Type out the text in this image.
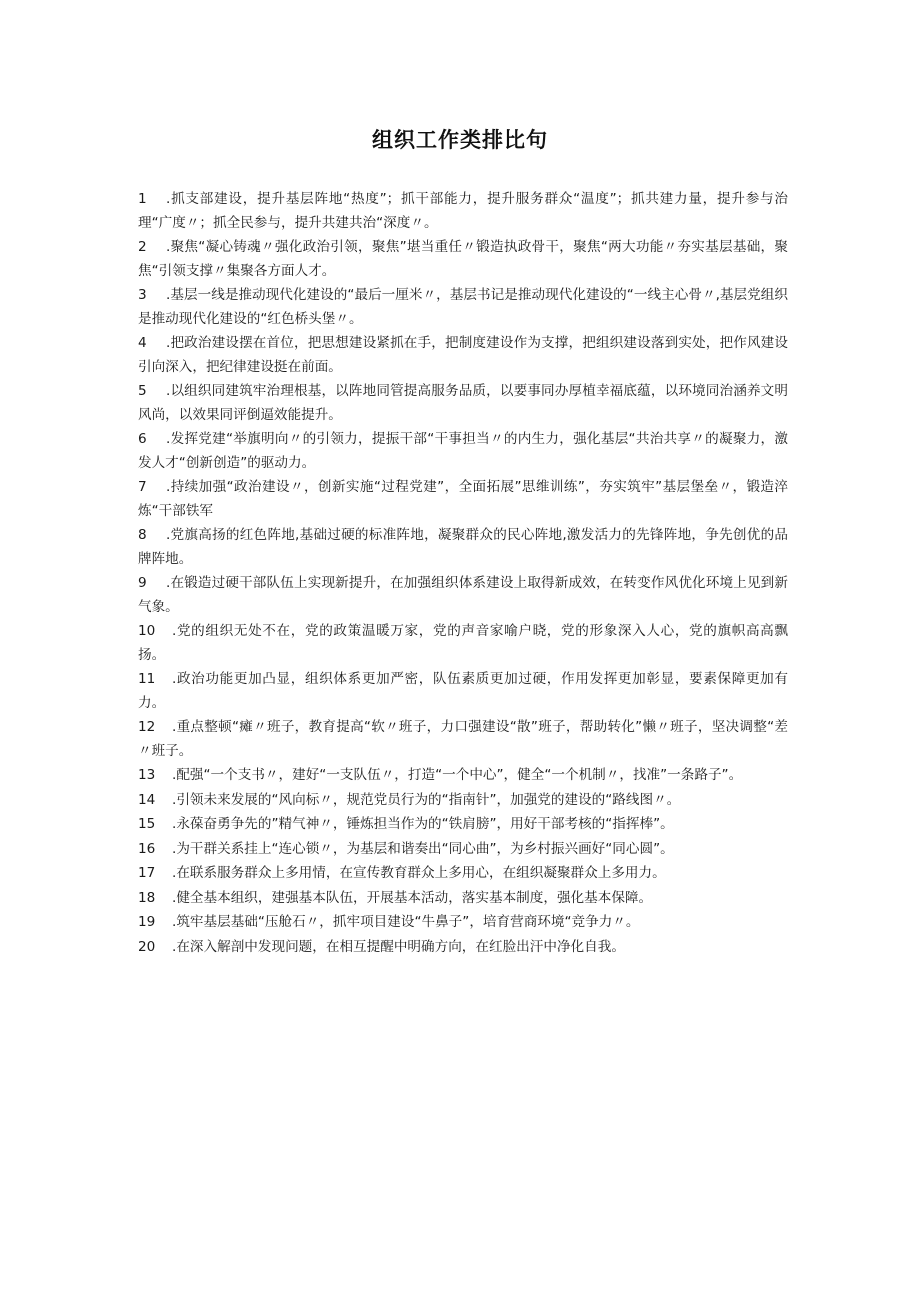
组织工作类排比句
1 .抓支部建设，提升基层阵地“热度”；抓干部能力，提升服务群众“温度”；抓共建力量，提升参与治理“广度〃；抓全民参与，提升共建共治“深度〃。
2 .聚焦“凝心铸魂〃强化政治引领，聚焦”堪当重任〃锻造执政骨干，聚焦“两大功能〃夯实基层基础，聚焦“引领支撑〃集聚各方面人才。
3 .基层一线是推动现代化建设的“最后一厘米〃，基层书记是推动现代化建设的“一线主心骨〃,基层党组织是推动现代化建设的“红色桥头堡〃。
4 .把政治建设摆在首位，把思想建设紧抓在手，把制度建设作为支撑，把组织建设落到实处，把作风建设引向深入，把纪律建设挺在前面。
5 .以组织同建筑牢治理根基，以阵地同管提高服务品质，以要事同办厚植幸福底蕴，以环境同治涵养文明风尚，以效果同评倒逼效能提升。
6 .发挥党建“举旗明向〃的引领力，提振干部“干事担当〃的内生力，强化基层“共治共享〃的凝聚力，激发人才“创新创造”的驱动力。
7 .持续加强“政治建设〃，创新实施“过程党建”，全面拓展”思维训练”，夯实筑牢”基层堡垒〃，锻造淬炼“干部铁军
8 .党旗高扬的红色阵地,基础过硬的标准阵地，凝聚群众的民心阵地,激发活力的先锋阵地，争先创优的品牌阵地。
9 .在锻造过硬干部队伍上实现新提升，在加强组织体系建设上取得新成效，在转变作风优化环境上见到新气象。
10 .党的组织无处不在，党的政策温暖万家，党的声音家喻户晓，党的形象深入人心，党的旗帜高高飘扬。
11 .政治功能更加凸显，组织体系更加严密，队伍素质更加过硬，作用发挥更加彰显，要素保障更加有力。
12 .重点整顿“瘫〃班子，教育提高“软〃班子，力口强建设“散”班子，帮助转化”懒〃班子，坚决调整“差〃班子。
13 .配强“一个支书〃，建好“一支队伍〃，打造“一个中心”，健全“一个机制〃，找准”一条路子”。
14 .引领未来发展的“风向标〃，规范党员行为的“指南针”，加强党的建设的“路线图〃。
15 .永葆奋勇争先的”精气神〃，锤炼担当作为的“铁肩膀”，用好干部考核的“指挥棒”。
16 .为干群关系挂上“连心锁〃，为基层和谐奏出“同心曲”，为乡村振兴画好“同心圆”。
17 .在联系服务群众上多用情，在宣传教育群众上多用心，在组织凝聚群众上多用力。
18 .健全基本组织，建强基本队伍，开展基本活动，落实基本制度，强化基本保障。
19 .筑牢基层基础“压舱石〃，抓牢项目建设“牛鼻子”，培育营商环境“竞争力〃。
20 .在深入解剖中发现问题，在相互提醒中明确方向，在红脸出汗中净化自我。
